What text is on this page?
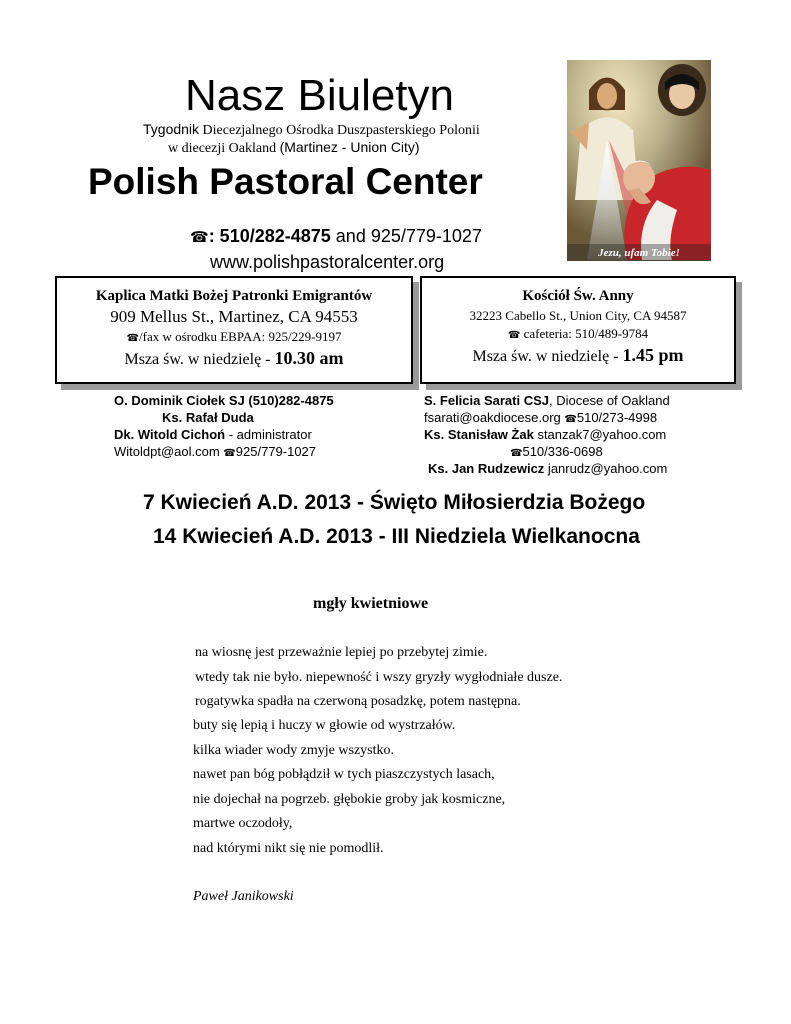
Nasz Biuletyn
Tygodnik Diecezjalnego Ośrodka Duszpasterskiego Polonii
w diecezji Oakland (Martinez - Union City)
Polish Pastoral Center
☎: 510/282-4875 and 925/779-1027
www.polishpastoralcenter.org	Jezu, ufam Tobie!
Kaplica Matki Bożej Patronki Emigrantów
909 Mellus St., Martinez, CA 94553
☎/fax w ośrodku EBPAA: 925/229-9197
Msza św. w niedzielę - 10.30 am
Kościół Św. Anny
32223 Cabello St., Union City, CA 94587
☎ cafeteria: 510/489-9784
Msza św. w niedzielę - 1.45 pm
O. Dominik Ciołek SJ (510)282-4875
Ks. Rafał Duda
Dk. Witold Cichoń - administrator
Witoldpt@aol.com ☎925/779-1027
S. Felicia Sarati CSJ, Diocese of Oakland
fsarati@oakdiocese.org ☎510/273-4998
Ks. Stanisław Żak stanzak7@yahoo.com
☎510/336-0698
Ks. Jan Rudzewicz janrudz@yahoo.com
7 Kwiecień A.D. 2013 - Święto Miłosierdzia Bożego
14 Kwiecień A.D. 2013 - III Niedziela Wielkanocna
mgły kwietniowe
na wiosnę jest przeważnie lepiej po przebytej zimie.
wtedy tak nie było. niepewność i wszy gryzły wygłodniałe dusze.
rogatywka spadła na czerwoną posadzkę, potem następna.
buty się lepią i huczy w głowie od wystrzałów.
kilka wiader wody zmyje wszystko.
nawet pan bóg pobłądził w tych piaszczystych lasach,
nie dojechał na pogrzeb. głębokie groby jak kosmiczne,
martwe oczodoły,
nad którymi nikt się nie pomodlił.
Paweł Janikowski
